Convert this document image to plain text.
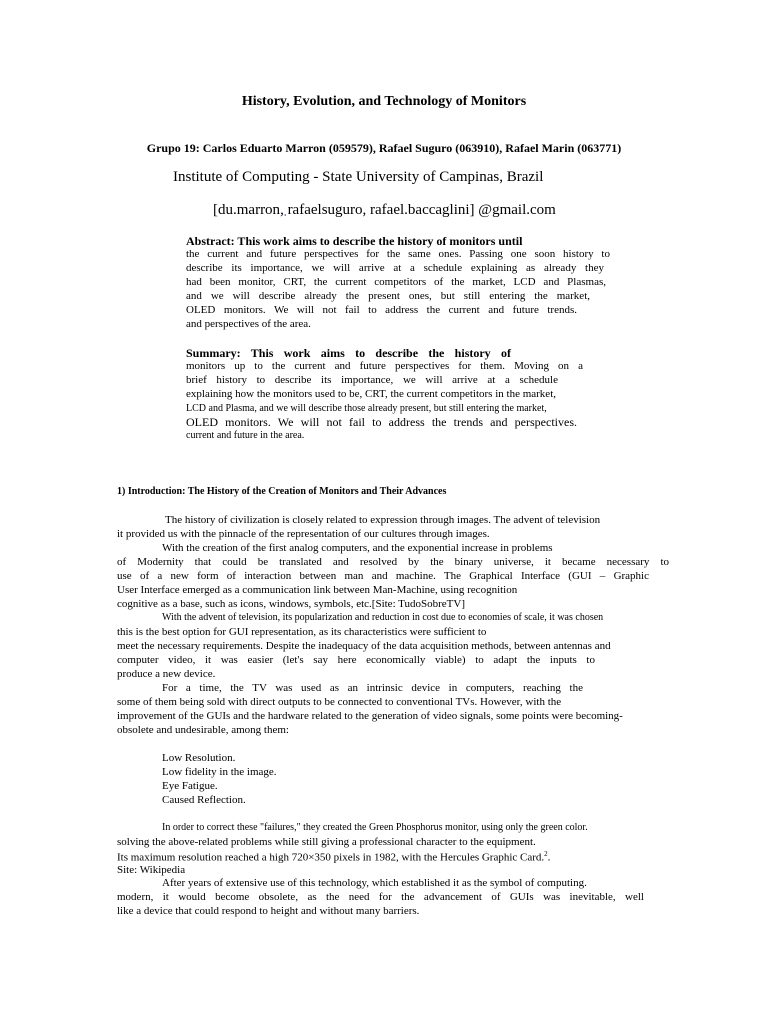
History, Evolution, and Technology of Monitors
Grupo 19: Carlos Eduarto Marron (059579), Rafael Suguro (063910), Rafael Marin (063771)
Institute of Computing - State University of Campinas, Brazil
[du.marron, rafaelsuguro, rafael.baccaglini] @gmail.com
Abstract: This work aims to describe the history of monitors until
the current and future perspectives for the same ones. Passing one soon history to
describe its importance, we will arrive at a schedule explaining as already they
had been monitor, CRT, the current competitors of the market, LCD and Plasmas,
and we will describe already the present ones, but still entering the market,
OLED monitors. We will not fail to address the current and future trends.
and perspectives of the area.
Summary: This work aims to describe the history of
monitors up to the current and future perspectives for them. Moving on a
brief history to describe its importance, we will arrive at a schedule
explaining how the monitors used to be, CRT, the current competitors in the market,
LCD and Plasma, and we will describe those already present, but still entering the market,
OLED monitors. We will not fail to address the trends and perspectives.
current and future in the area.
1) Introduction: The History of the Creation of Monitors and Their Advances
The history of civilization is closely related to expression through images. The advent of television
it provided us with the pinnacle of the representation of our cultures through images.
With the creation of the first analog computers, and the exponential increase in problems
of Modernity that could be translated and resolved by the binary universe, it became necessary to
use of a new form of interaction between man and machine. The Graphical Interface (GUI – Graphic
User Interface emerged as a communication link between Man-Machine, using recognition
cognitive as a base, such as icons, windows, symbols, etc.[Site: TudoSobreTV]
With the advent of television, its popularization and reduction in cost due to economies of scale, it was chosen
this is the best option for GUI representation, as its characteristics were sufficient to
meet the necessary requirements. Despite the inadequacy of the data acquisition methods, between antennas and
computer video, it was easier (let's say here economically viable) to adapt the inputs to
produce a new device.
For a time, the TV was used as an intrinsic device in computers, reaching the
some of them being sold with direct outputs to be connected to conventional TVs. However, with the
improvement of the GUIs and the hardware related to the generation of video signals, some points were becoming-
obsolete and undesirable, among them:
Low Resolution.
Low fidelity in the image.
Eye Fatigue.
Caused Reflection.
In order to correct these "failures," they created the Green Phosphorus monitor, using only the green color.
solving the above-related problems while still giving a professional character to the equipment.
Its maximum resolution reached a high 720×350 pixels in 1982, with the Hercules Graphic Card.$^2$.
Site: Wikipedia
After years of extensive use of this technology, which established it as the symbol of computing.
modern, it would become obsolete, as the need for the advancement of GUIs was inevitable, well
like a device that could respond to height and without many barriers.
